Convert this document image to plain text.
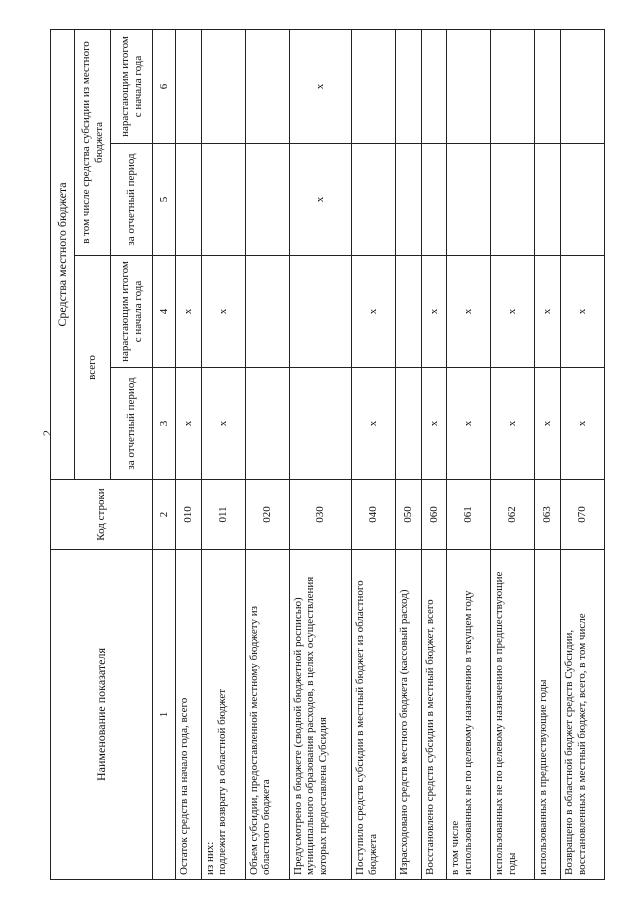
2
Наименование показателя	Код строки	Средства местного бюджета			
		всего		в том числе средства субсидии из местного бюджета	
		за отчетный период	нарастающим итогом с начала года	за отчетный период	нарастающим итогом с начала года
1	2	3	4	5	6
Остаток средств на начало года, всего	010	x	x		
из них:
подлежит возврату в областной бюджет	011	x	x		
Объем субсидии, предоставленной местному бюджету из областного бюджета	020				
Предусмотрено в бюджете (сводной бюджетной росписью) муниципального образования расходов, в целях осуществления которых предоставлена Субсидия	030			x	x
Поступило средств субсидии в местный бюджет из областного бюджета	040	x	x		
Израсходовано средств местного бюджета (кассовый расход)	050				
Восстановлено средств субсидии в местный бюджет, всего	060	x	x		
в том числе
использованных не по целевому назначению в текущем году	061	x	x		
использованных не по целевому назначению в предшествующие годы	062	x	x		
использованных в предшествующие годы	063	x	x		
Возвращено в областной бюджет средств Субсидии, восстановленных в местный бюджет, всего, в том числе	070	x	x		
